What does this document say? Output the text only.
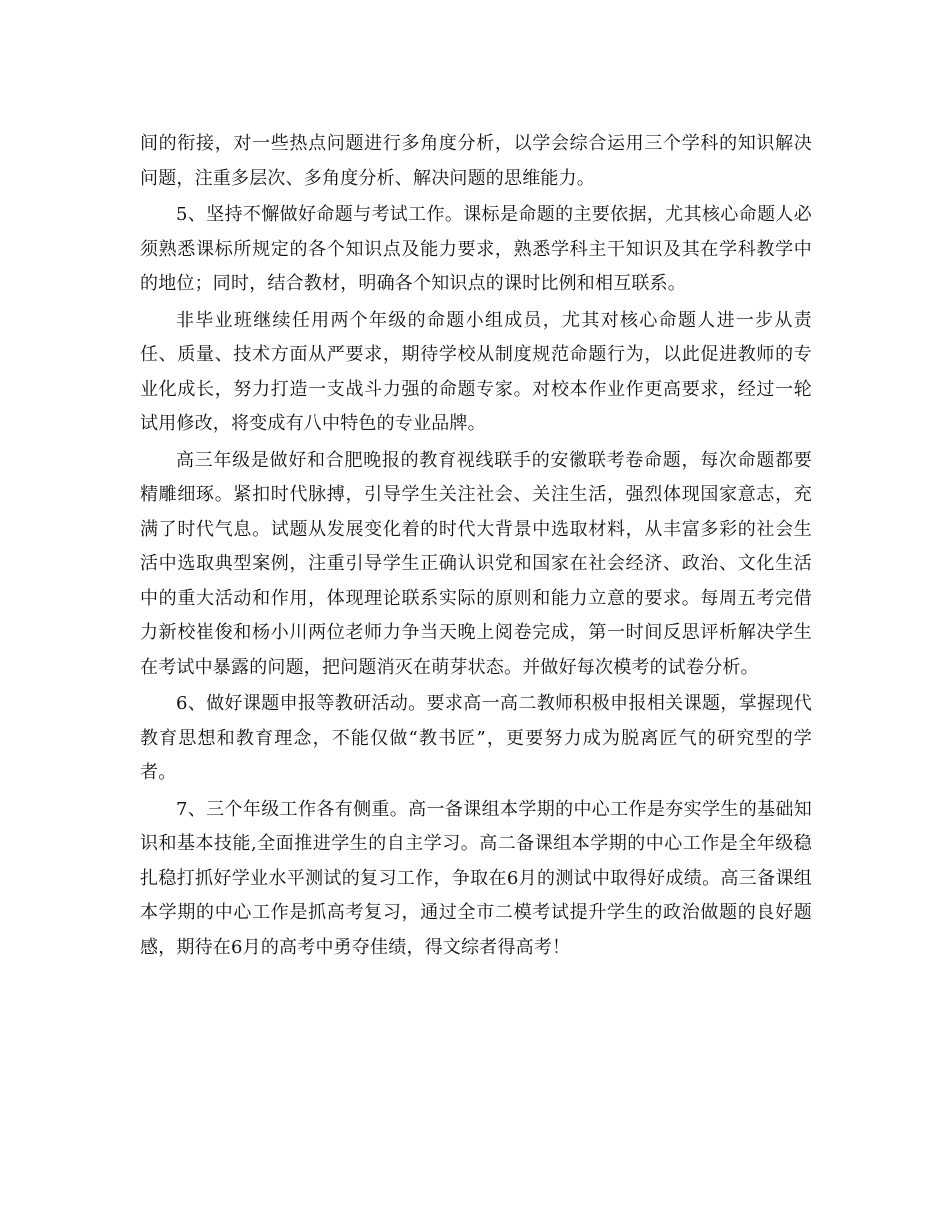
间的衔接，对一些热点问题进行多角度分析，以学会综合运用三个学科的知识解决问题，注重多层次、多角度分析、解决问题的思维能力。

5、坚持不懈做好命题与考试工作。课标是命题的主要依据，尤其核心命题人必须熟悉课标所规定的各个知识点及能力要求，熟悉学科主干知识及其在学科教学中的地位；同时，结合教材，明确各个知识点的课时比例和相互联系。

非毕业班继续任用两个年级的命题小组成员，尤其对核心命题人进一步从责任、质量、技术方面从严要求，期待学校从制度规范命题行为，以此促进教师的专业化成长，努力打造一支战斗力强的命题专家。对校本作业作更高要求，经过一轮试用修改，将变成有八中特色的专业品牌。

高三年级是做好和合肥晚报的教育视线联手的安徽联考卷命题，每次命题都要精雕细琢。紧扣时代脉搏，引导学生关注社会、关注生活，强烈体现国家意志，充满了时代气息。试题从发展变化着的时代大背景中选取材料，从丰富多彩的社会生活中选取典型案例，注重引导学生正确认识党和国家在社会经济、政治、文化生活中的重大活动和作用，体现理论联系实际的原则和能力立意的要求。每周五考完借力新校崔俊和杨小川两位老师力争当天晚上阅卷完成，第一时间反思评析解决学生在考试中暴露的问题，把问题消灭在萌芽状态。并做好每次模考的试卷分析。

6、做好课题申报等教研活动。要求高一高二教师积极申报相关课题，掌握现代教育思想和教育理念，不能仅做“教书匠”，更要努力成为脱离匠气的研究型的学者。

7、三个年级工作各有侧重。高一备课组本学期的中心工作是夯实学生的基础知识和基本技能,全面推进学生的自主学习。高二备课组本学期的中心工作是全年级稳扎稳打抓好学业水平测试的复习工作，争取在6月的测试中取得好成绩。高三备课组本学期的中心工作是抓高考复习，通过全市二模考试提升学生的政治做题的良好题感，期待在6月的高考中勇夺佳绩，得文综者得高考！
